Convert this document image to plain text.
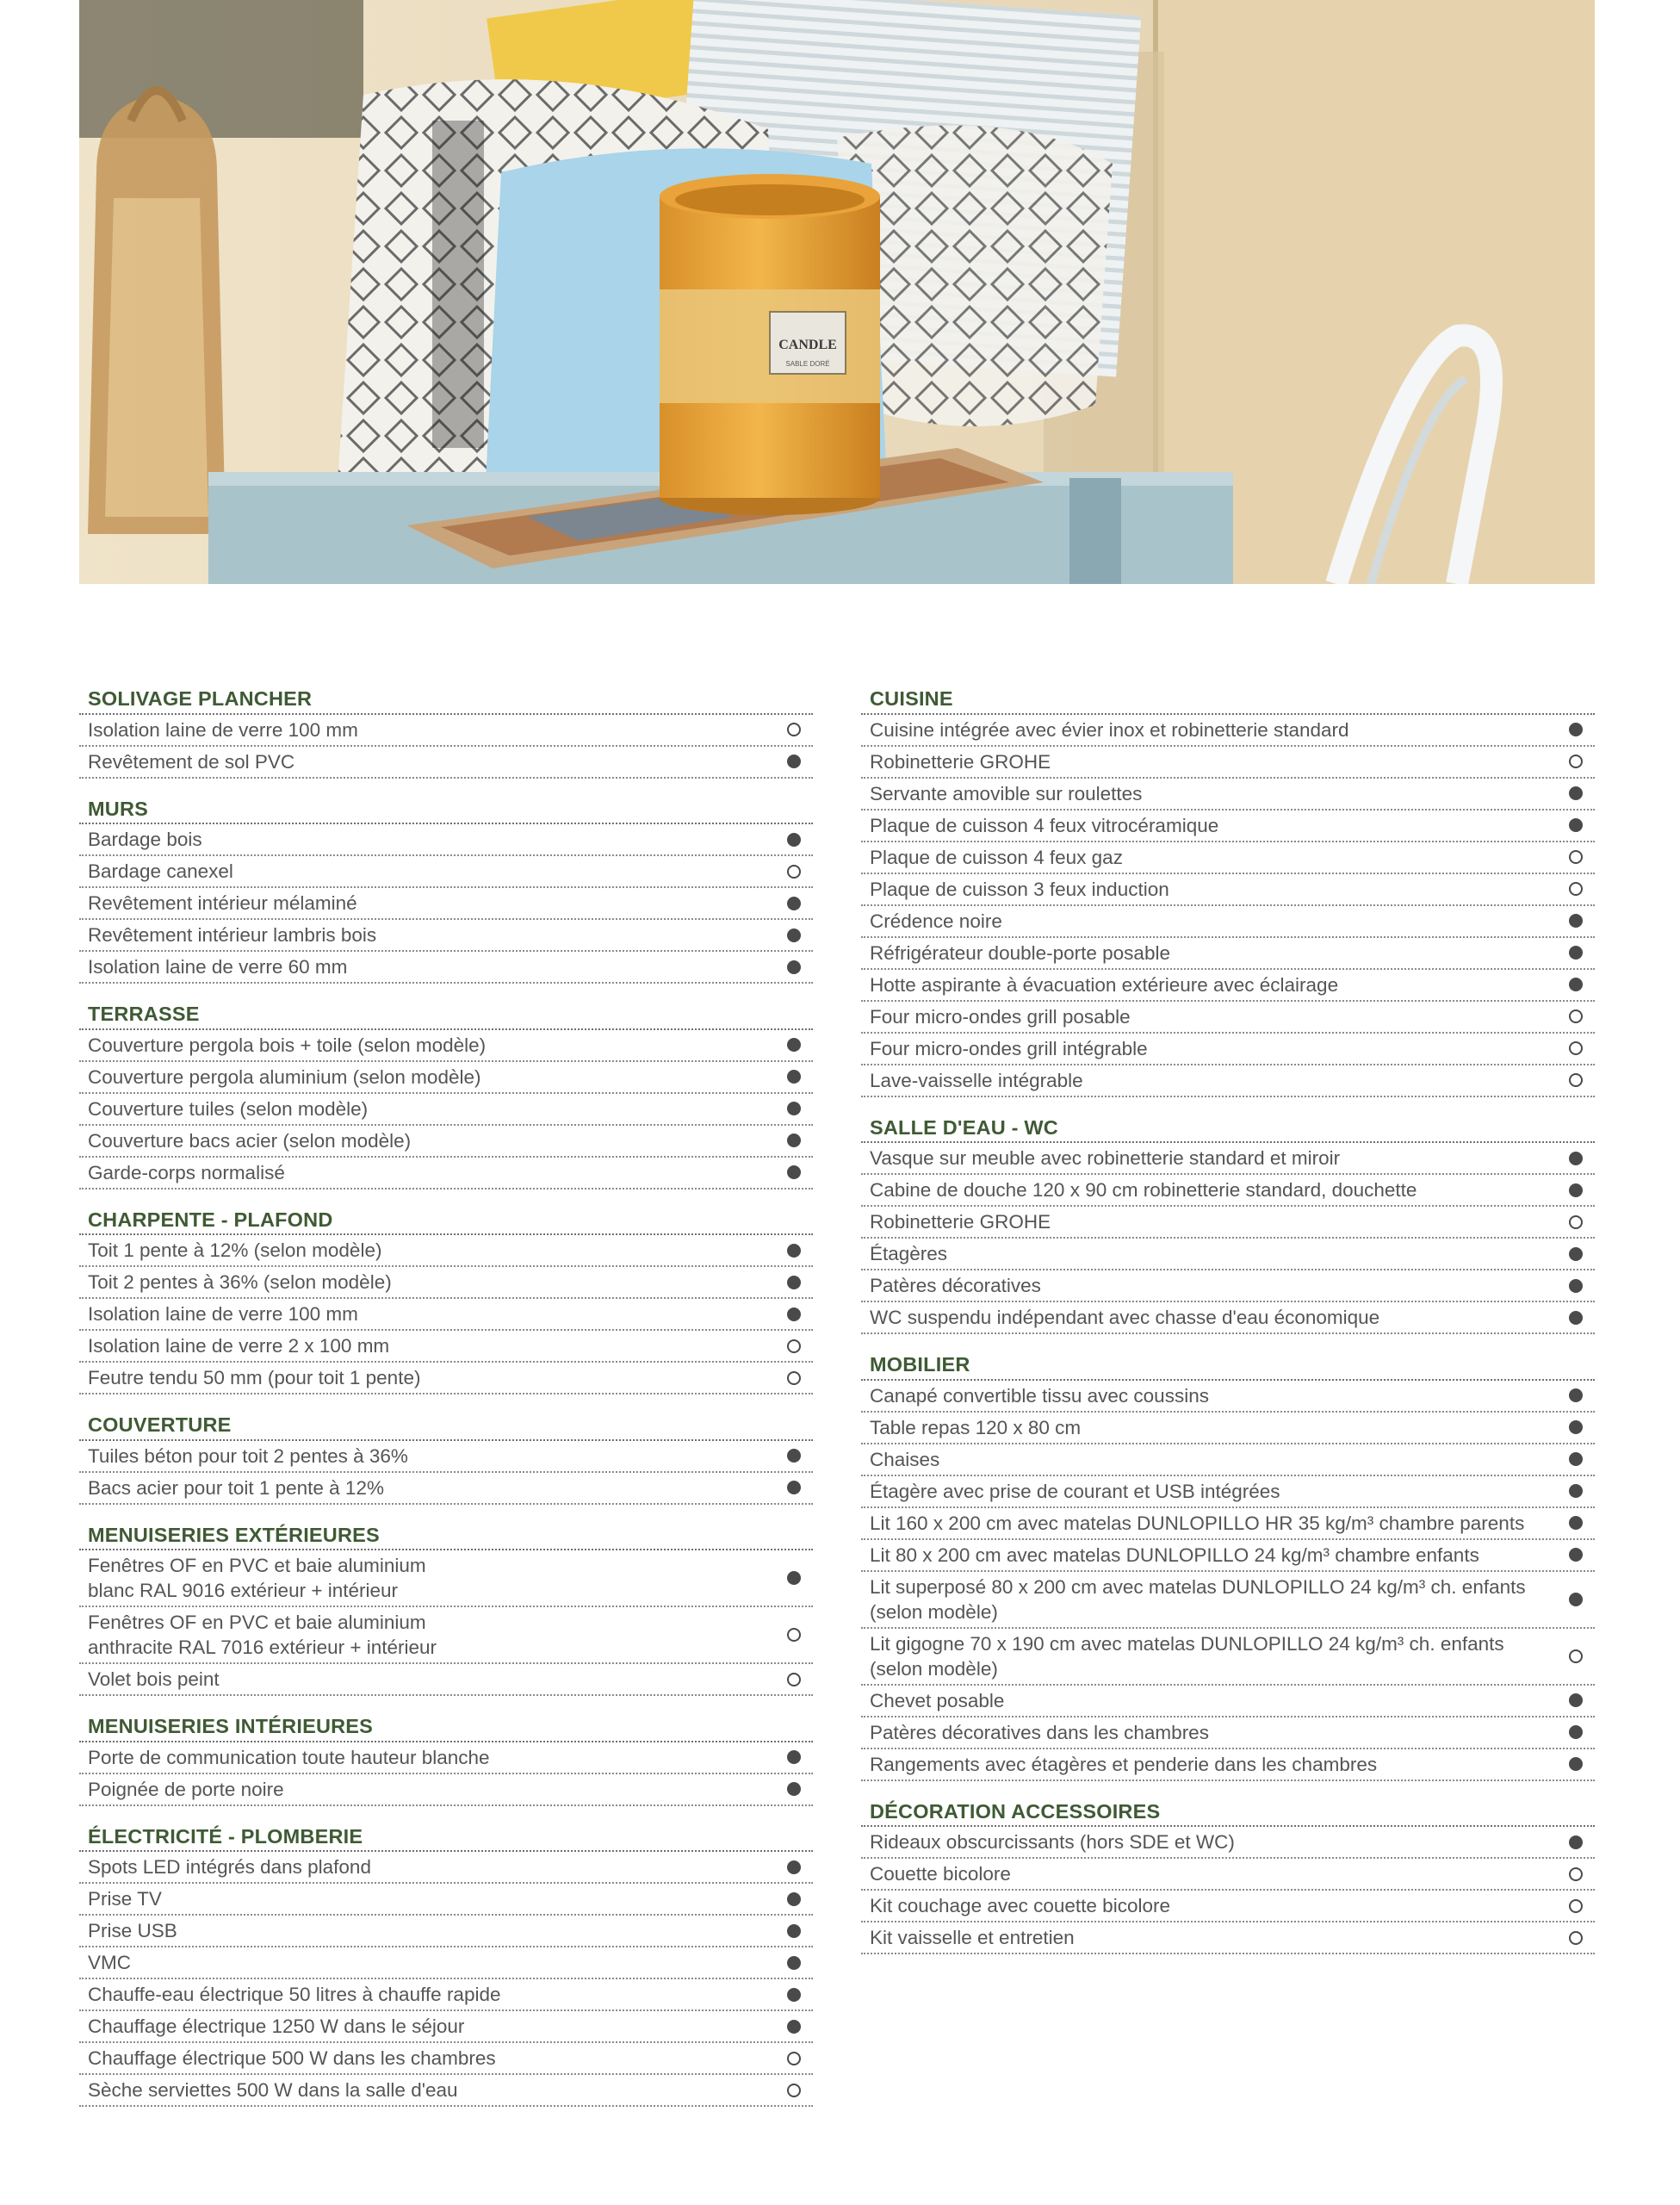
CANDLE
SABLE DORÉ
SOLIVAGE PLANCHER
Isolation laine de verre 100 mm
Revêtement de sol PVC
MURS
Bardage bois
Bardage canexel
Revêtement intérieur mélaminé
Revêtement intérieur lambris bois
Isolation laine de verre 60 mm
TERRASSE
Couverture pergola bois + toile (selon modèle)
Couverture pergola aluminium (selon modèle)
Couverture tuiles (selon modèle)
Couverture bacs acier (selon modèle)
Garde-corps normalisé
CHARPENTE - PLAFOND
Toit 1 pente à 12% (selon modèle)
Toit 2 pentes à 36% (selon modèle)
Isolation laine de verre 100 mm
Isolation laine de verre 2 x 100 mm
Feutre tendu 50 mm (pour toit 1 pente)
COUVERTURE
Tuiles béton pour toit 2 pentes à 36%
Bacs acier pour toit 1 pente à 12%
MENUISERIES EXTÉRIEURES
Fenêtres OF en PVC et baie aluminium
blanc RAL 9016 extérieur + intérieur
Fenêtres OF en PVC et baie aluminium
anthracite RAL 7016 extérieur + intérieur
Volet bois peint
MENUISERIES INTÉRIEURES
Porte de communication toute hauteur blanche
Poignée de porte noire
ÉLECTRICITÉ - PLOMBERIE
Spots LED intégrés dans plafond
Prise TV
Prise USB
VMC
Chauffe-eau électrique 50 litres à chauffe rapide
Chauffage électrique 1250 W dans le séjour
Chauffage électrique 500 W dans les chambres
Sèche serviettes 500 W dans la salle d'eau
CUISINE
Cuisine intégrée avec évier inox et robinetterie standard
Robinetterie GROHE
Servante amovible sur roulettes
Plaque de cuisson 4 feux vitrocéramique
Plaque de cuisson 4 feux gaz
Plaque de cuisson 3 feux induction
Crédence noire
Réfrigérateur double-porte posable
Hotte aspirante à évacuation extérieure avec éclairage
Four micro-ondes grill posable
Four micro-ondes grill intégrable
Lave-vaisselle intégrable
SALLE D'EAU - WC
Vasque sur meuble avec robinetterie standard et miroir
Cabine de douche 120 x 90 cm robinetterie standard, douchette
Robinetterie GROHE
Étagères
Patères décoratives
WC suspendu indépendant avec chasse d'eau économique
MOBILIER
Canapé convertible tissu avec coussins
Table repas 120 x 80 cm
Chaises
Étagère avec prise de courant et USB intégrées
Lit 160 x 200 cm avec matelas DUNLOPILLO HR 35 kg/m³ chambre parents
Lit 80 x 200 cm avec matelas DUNLOPILLO 24 kg/m³ chambre enfants
Lit superposé 80 x 200 cm avec matelas DUNLOPILLO 24 kg/m³ ch. enfants
(selon modèle)
Lit gigogne 70 x 190 cm avec matelas DUNLOPILLO 24 kg/m³ ch. enfants
(selon modèle)
Chevet posable
Patères décoratives dans les chambres
Rangements avec étagères et penderie dans les chambres
DÉCORATION ACCESSOIRES
Rideaux obscurcissants (hors SDE et WC)
Couette bicolore
Kit couchage avec couette bicolore
Kit vaisselle et entretien
